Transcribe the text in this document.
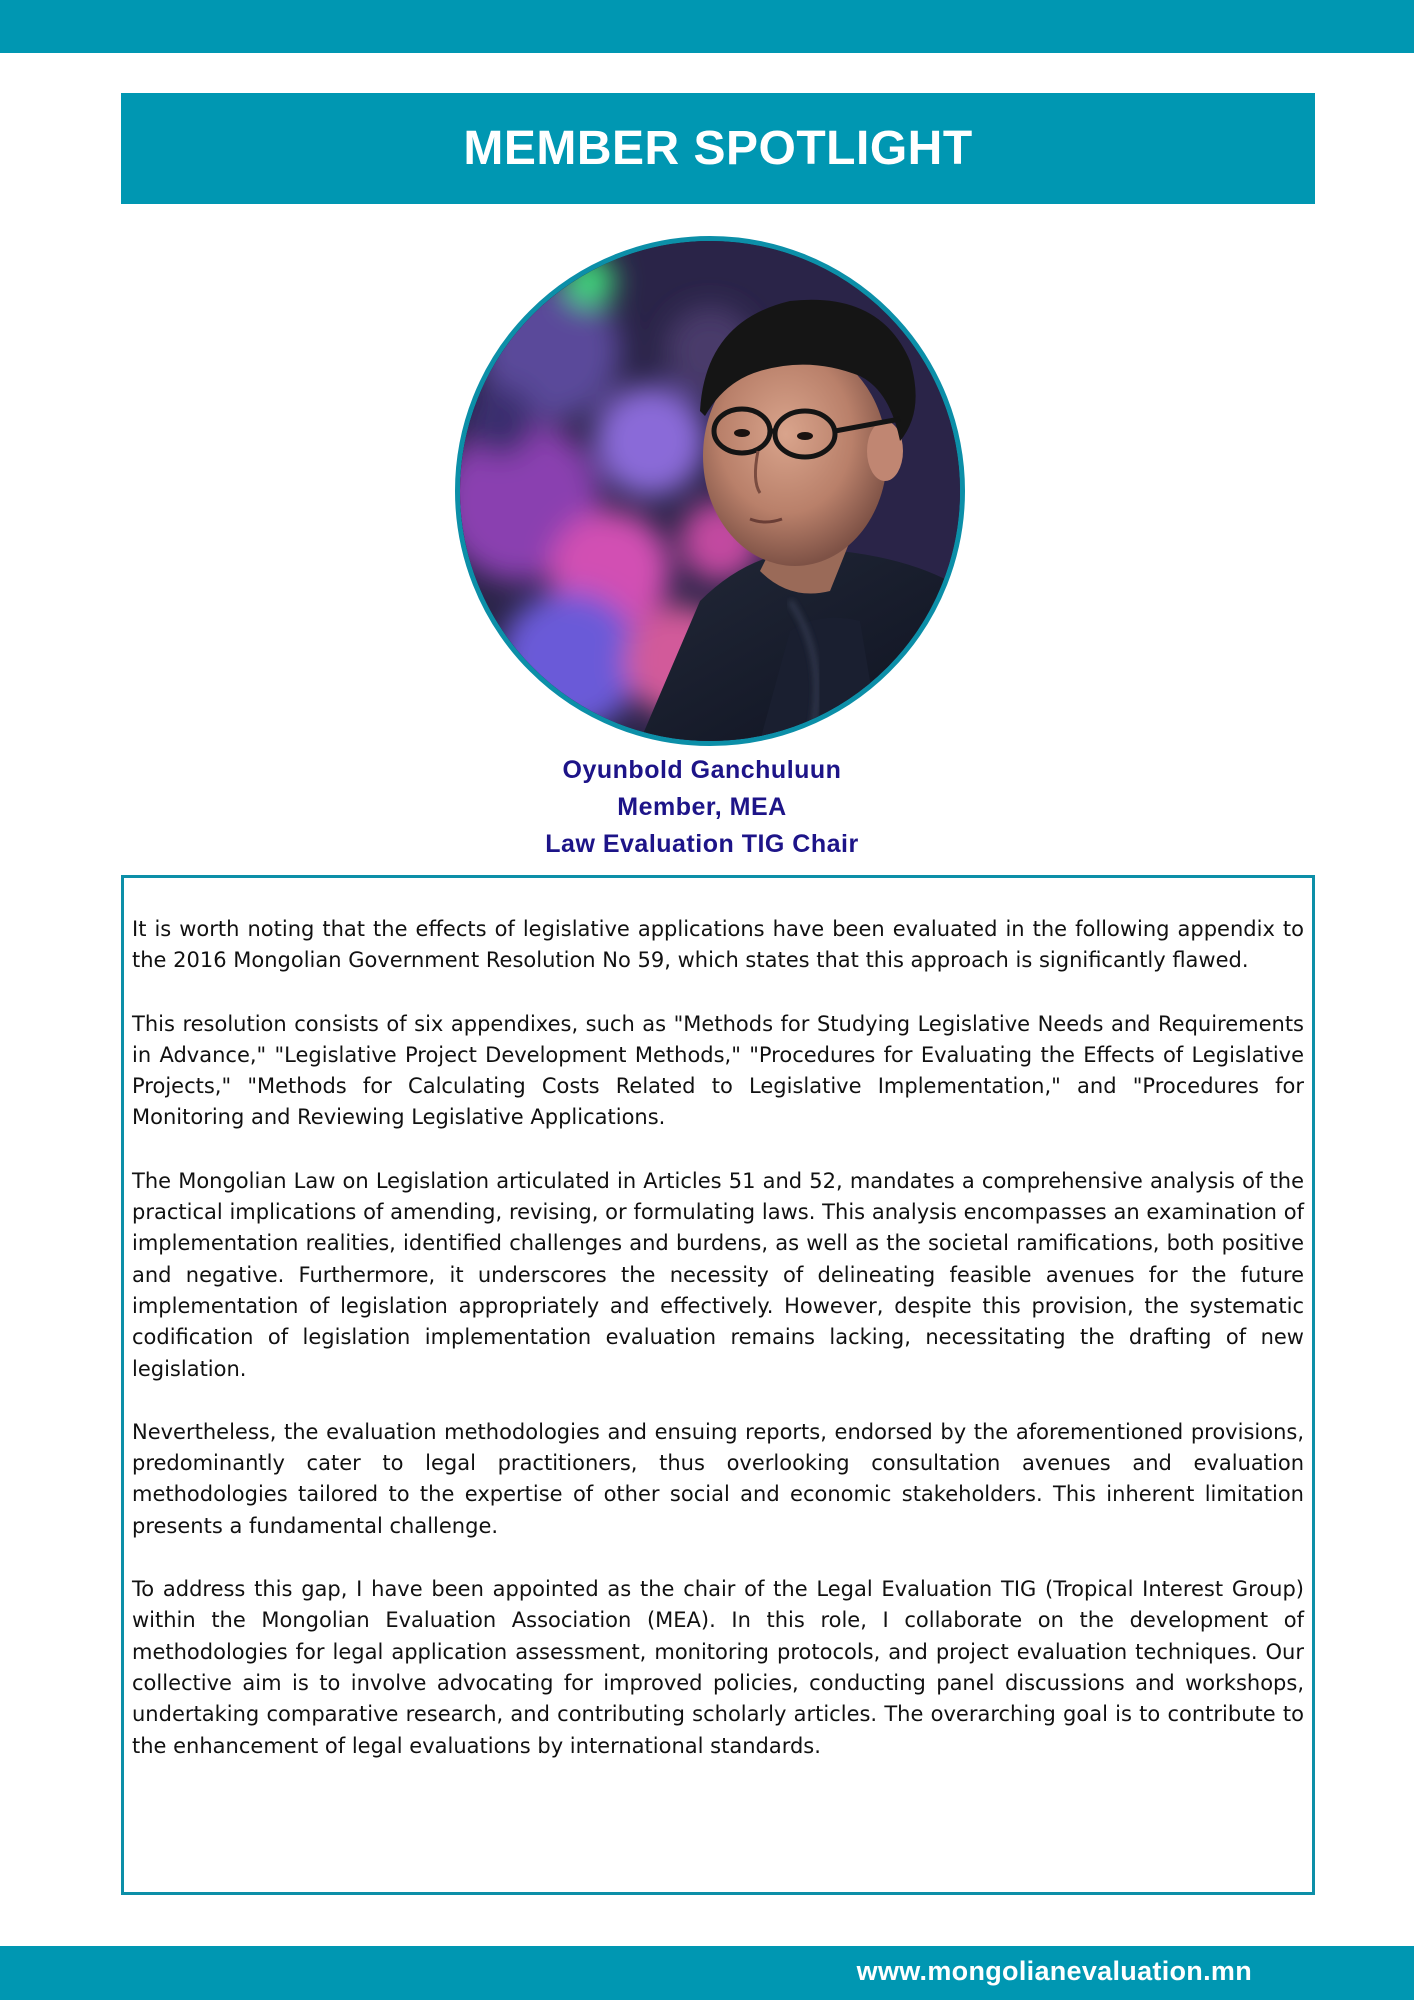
MEMBER SPOTLIGHT
Oyunbold Ganchuluun
Member, MEA
Law Evaluation TIG Chair

It is worth noting that the effects of legislative applications have been evaluated in the following appendix to the 2016 Mongolian Government Resolution No 59, which states that this approach is significantly flawed.

This resolution consists of six appendixes, such as "Methods for Studying Legislative Needs and Requirements in Advance," "Legislative Project Development Methods," "Procedures for Evaluating the Effects of Legislative Projects," "Methods for Calculating Costs Related to Legislative Implementation," and "Procedures for Monitoring and Reviewing Legislative Applications.

The Mongolian Law on Legislation articulated in Articles 51 and 52, mandates a comprehensive analysis of the practical implications of amending, revising, or formulating laws. This analysis encompasses an examination of implementation realities, identified challenges and burdens, as well as the societal ramifications, both positive and negative. Furthermore, it underscores the necessity of delineating feasible avenues for the future implementation of legislation appropriately and effectively. However, despite this provision, the systematic codification of legislation implementation evaluation remains lacking, necessitating the drafting of new legislation.

Nevertheless, the evaluation methodologies and ensuing reports, endorsed by the aforementioned provisions, predominantly cater to legal practitioners, thus overlooking consultation avenues and evaluation methodologies tailored to the expertise of other social and economic stakeholders. This inherent limitation presents a fundamental challenge.

To address this gap, I have been appointed as the chair of the Legal Evaluation TIG (Tropical Interest Group) within the Mongolian Evaluation Association (MEA). In this role, I collaborate on the development of methodologies for legal application assessment, monitoring protocols, and project evaluation techniques. Our collective aim is to involve advocating for improved policies, conducting panel discussions and workshops, undertaking comparative research, and contributing scholarly articles. The overarching goal is to contribute to the enhancement of legal evaluations by international standards.

www.mongolianevaluation.mn
